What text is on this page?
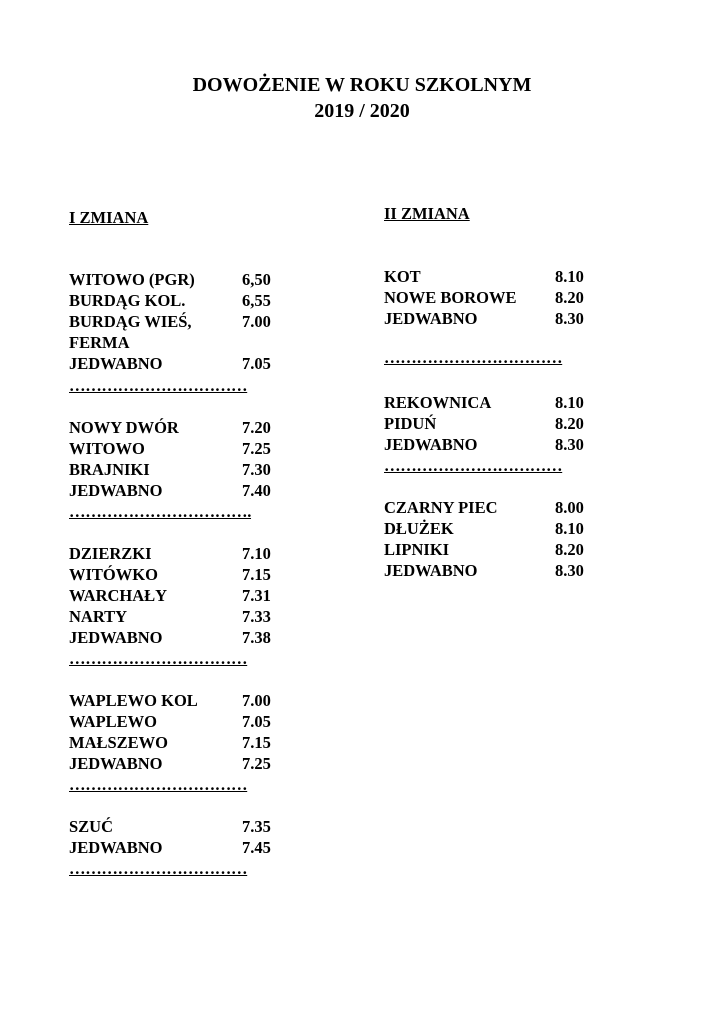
DOWOŻENIE W ROKU SZKOLNYM
2019 / 2020
I ZMIANA
WITOWO (PGR)	6,50
BURDĄG KOL.	6,55
BURDĄG WIEŚ,	7.00
FERMA
JEDWABNO	7.05
……………………………
NOWY DWÓR	7.20
WITOWO	7.25
BRAJNIKI	7.30
JEDWABNO	7.40
…………………………….
DZIERZKI	7.10
WITÓWKO	7.15
WARCHAŁY	7.31
NARTY	7.33
JEDWABNO	7.38
……………………………
WAPLEWO KOL	7.00
WAPLEWO	7.05
MAŁSZEWO	7.15
JEDWABNO	7.25
……………………………
SZUĆ	7.35
JEDWABNO	7.45
……………………………
II ZMIANA
KOT	8.10
NOWE BOROWE 8.20
JEDWABNO	8.30
……………………………
REKOWNICA	8.10
PIDUŃ	8.20
JEDWABNO	8.30
……………………………
CZARNY PIEC	8.00
DŁUŻEK	8.10
LIPNIKI	8.20
JEDWABNO	8.30
